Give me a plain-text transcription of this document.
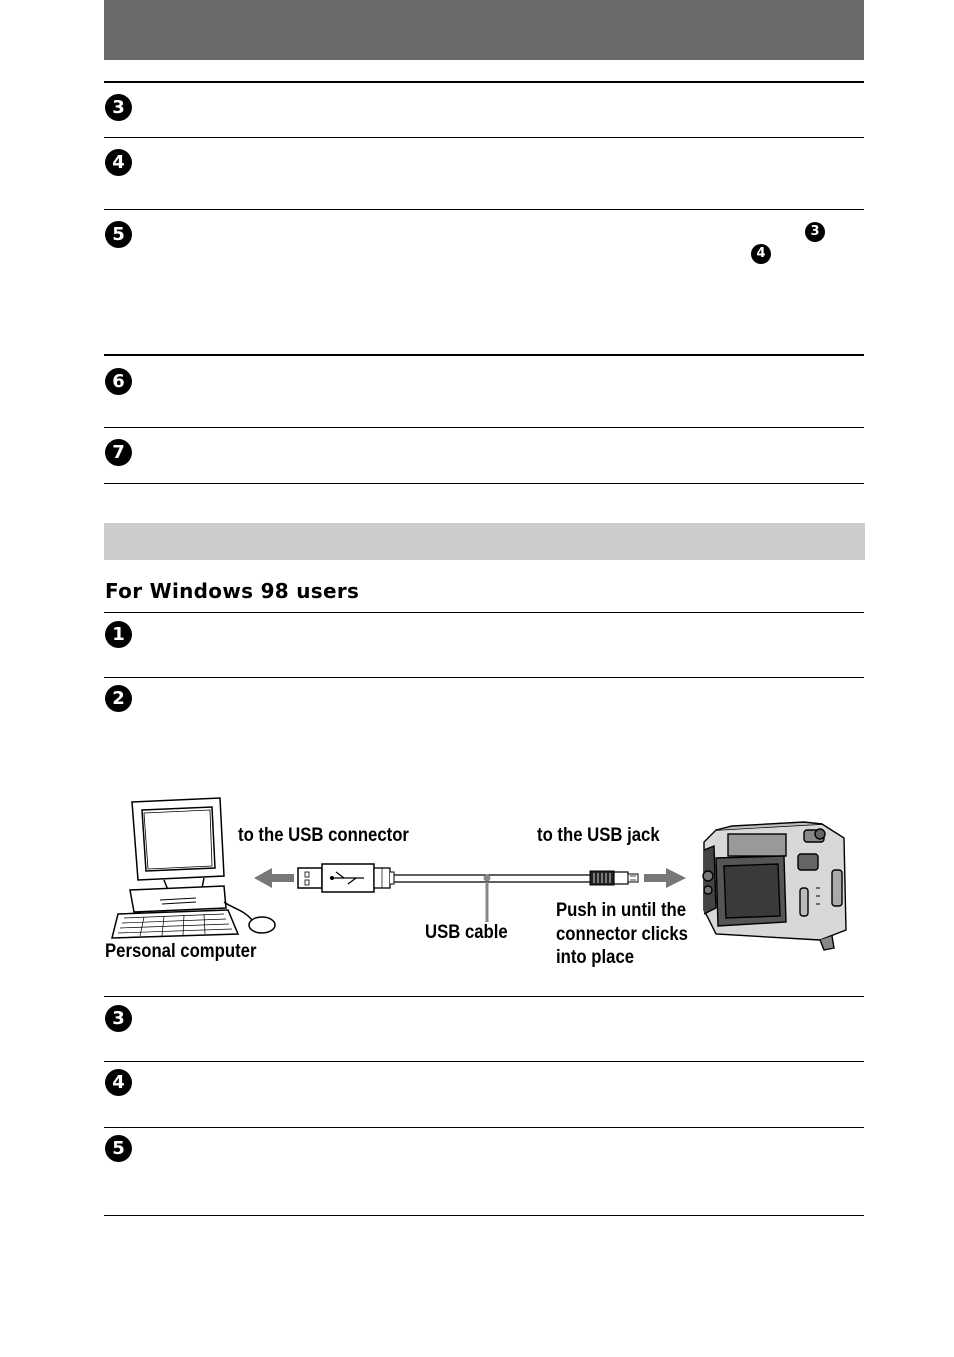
3
4
5	3
4
6
7
For Windows 98 users
1
2
to the USB connector	to the USB jack
USB cable
Personal computer
Push in until the
connector clicks
into place
3
4
5
